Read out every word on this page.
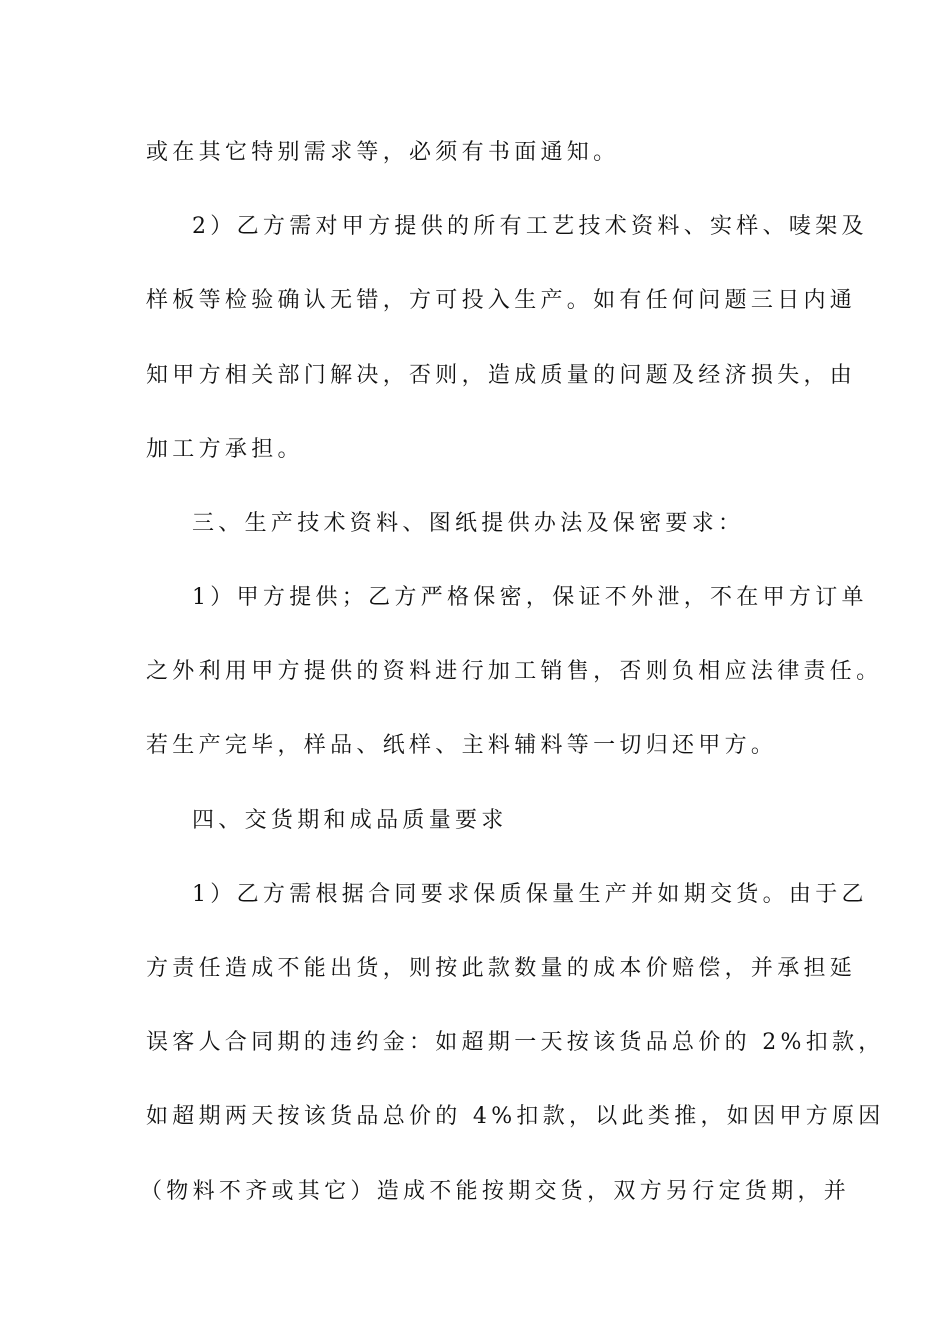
或在其它特别需求等，必须有书面通知。

2）乙方需对甲方提供的所有工艺技术资料、实样、唛架及

样板等检验确认无错，方可投入生产。如有任何问题三日内通

知甲方相关部门解决，否则，造成质量的问题及经济损失，由

加工方承担。

三、生产技术资料、图纸提供办法及保密要求：

1）甲方提供；乙方严格保密，保证不外泄，不在甲方订单

之外利用甲方提供的资料进行加工销售，否则负相应法律责任。

若生产完毕，样品、纸样、主料辅料等一切归还甲方。

四、交货期和成品质量要求

1）乙方需根据合同要求保质保量生产并如期交货。由于乙

方责任造成不能出货，则按此款数量的成本价赔偿，并承担延

误客人合同期的违约金：如超期一天按该货品总价的 2%扣款，

如超期两天按该货品总价的 4%扣款，以此类推，如因甲方原因

（物料不齐或其它）造成不能按期交货，双方另行定货期，并
